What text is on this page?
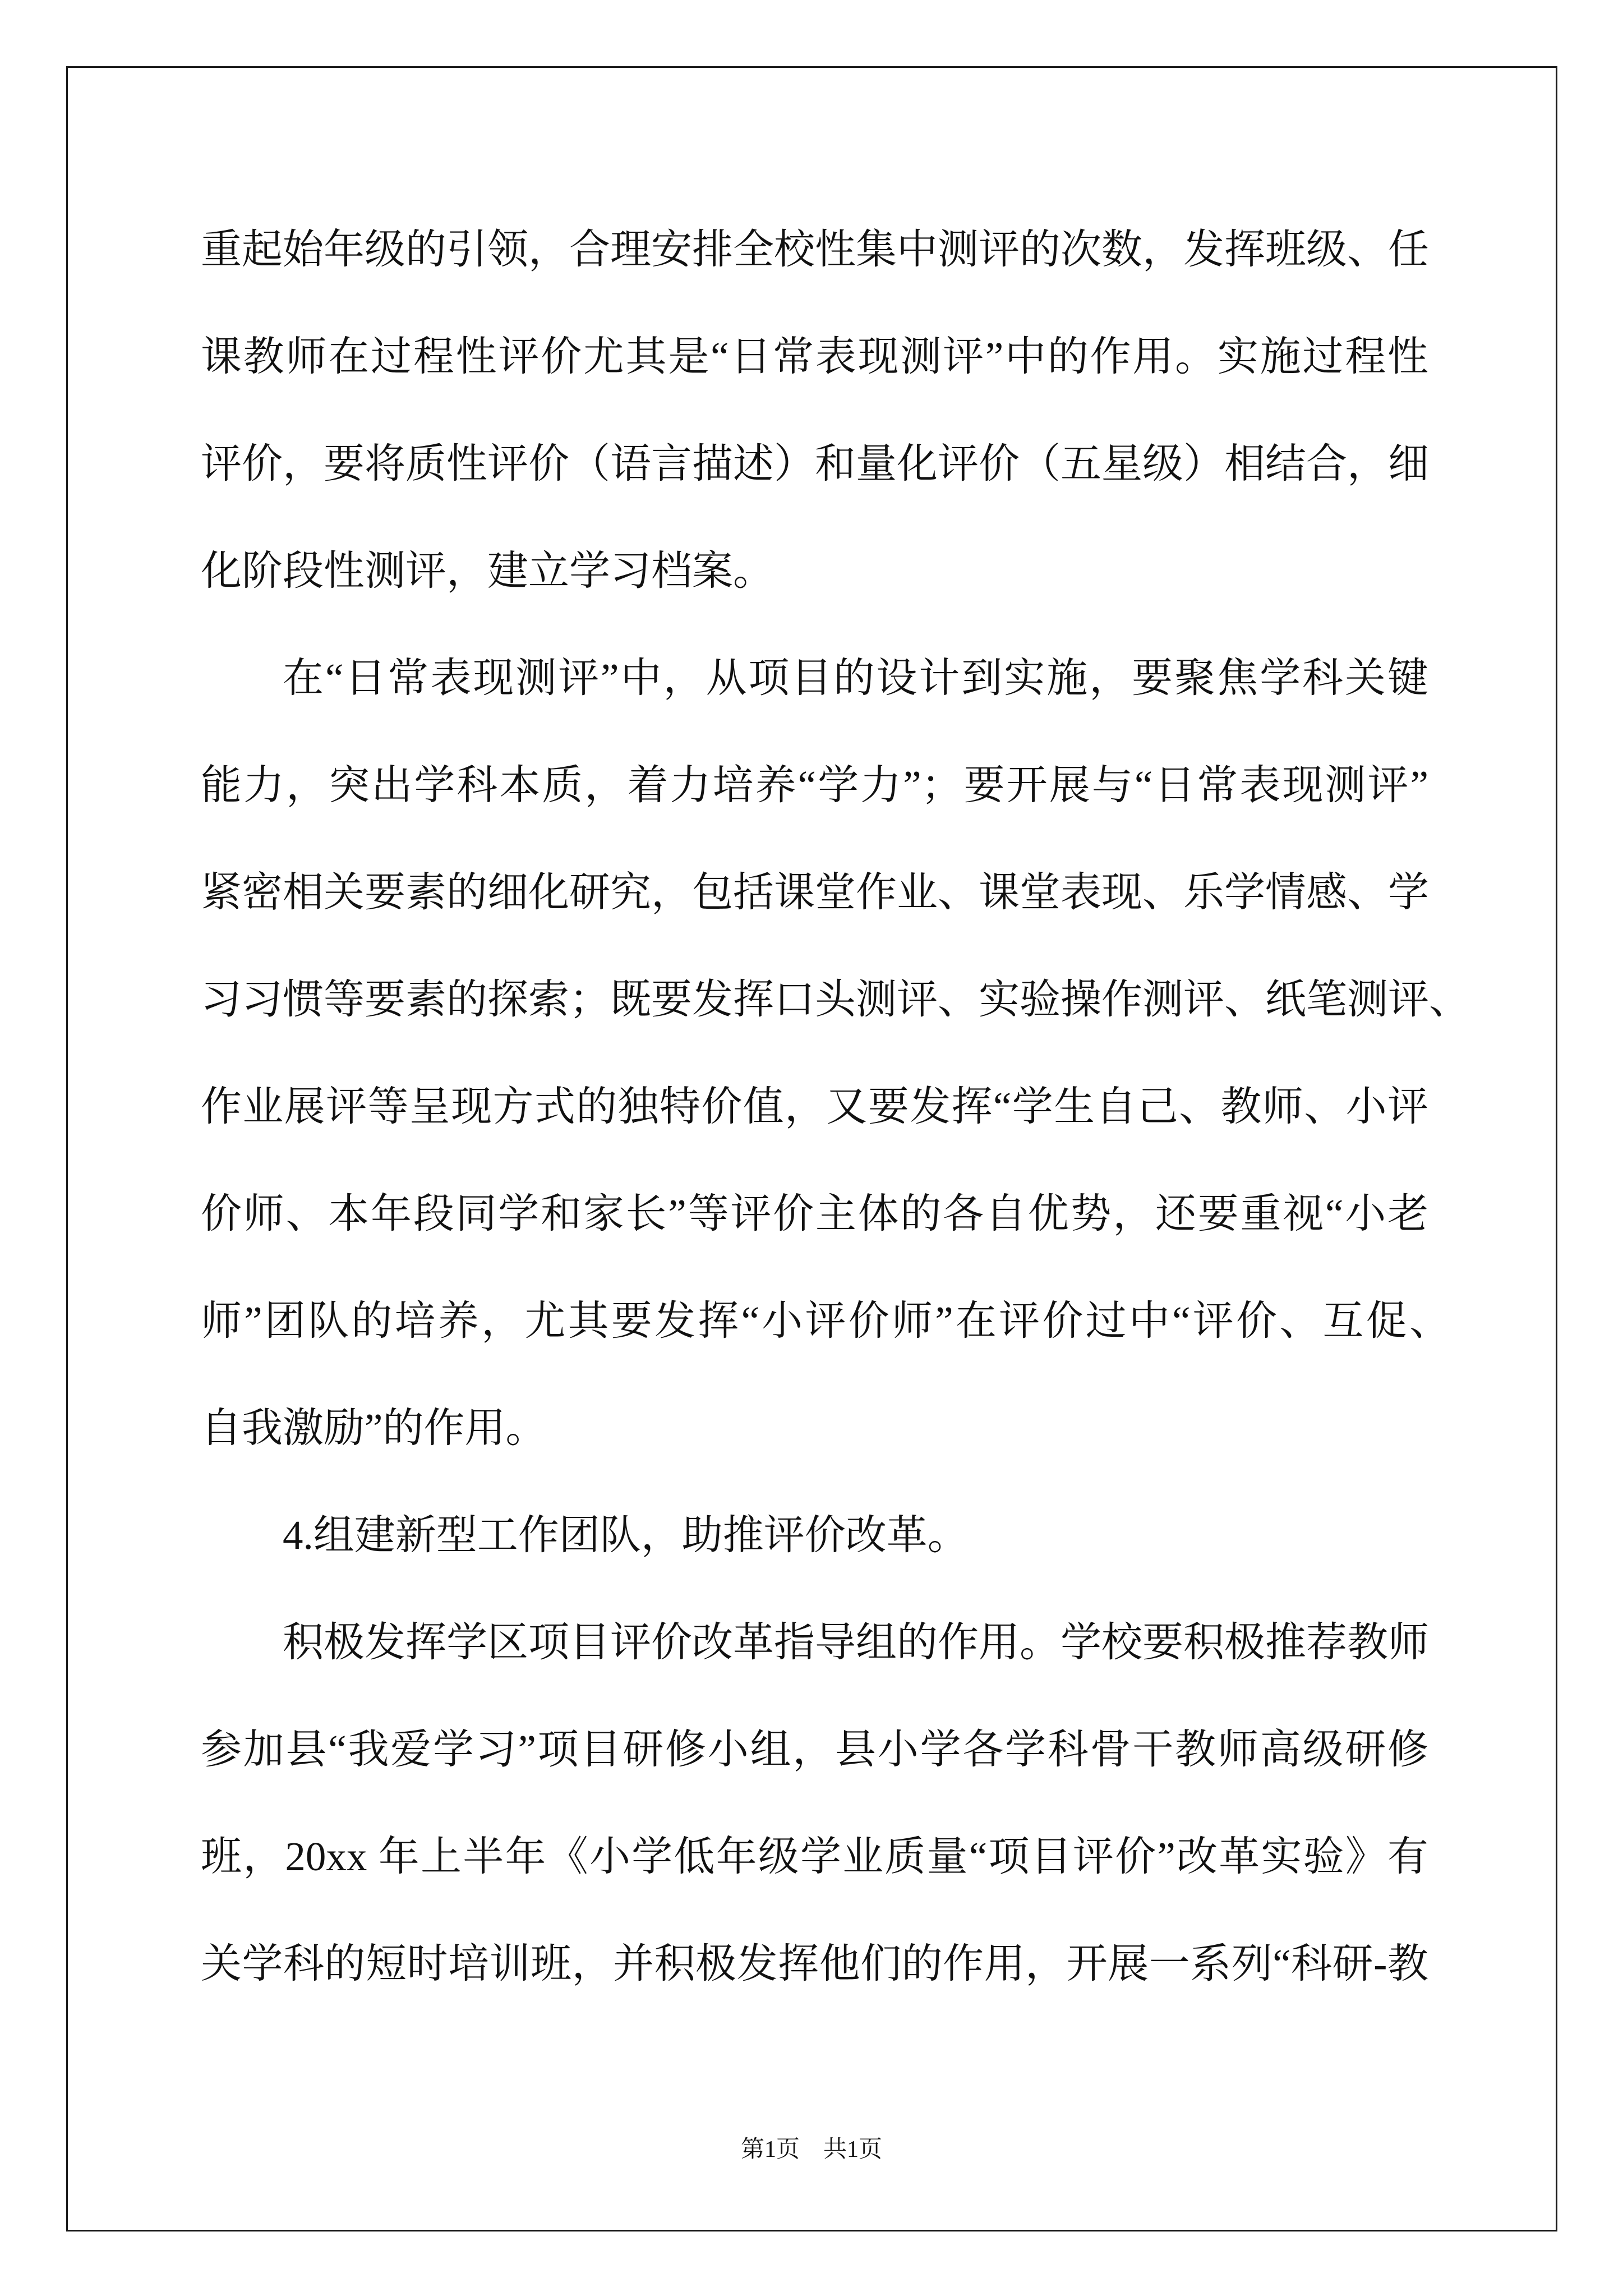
重起始年级的引领，合理安排全校性集中测评的次数，发挥班级、任
课教师在过程性评价尤其是“日常表现测评”中的作用。实施过程性
评价，要将质性评价（语言描述）和量化评价（五星级）相结合，细
化阶段性测评，建立学习档案。
在“日常表现测评”中，从项目的设计到实施，要聚焦学科关键
能力，突出学科本质，着力培养“学力”；要开展与“日常表现测评”
紧密相关要素的细化研究，包括课堂作业、课堂表现、乐学情感、学
习习惯等要素的探索；既要发挥口头测评、实验操作测评、纸笔测评、
作业展评等呈现方式的独特价值，又要发挥“学生自己、教师、小评
价师、本年段同学和家长”等评价主体的各自优势，还要重视“小老
师”团队的培养，尤其要发挥“小评价师”在评价过中“评价、互促、
自我激励”的作用。
4.组建新型工作团队，助推评价改革。
积极发挥学区项目评价改革指导组的作用。学校要积极推荐教师
参加县“我爱学习”项目研修小组，县小学各学科骨干教师高级研修
班，20xx 年上半年《小学低年级学业质量“项目评价”改革实验》有
关学科的短时培训班，并积极发挥他们的作用，开展一系列“科研-教
第1页　共1页
